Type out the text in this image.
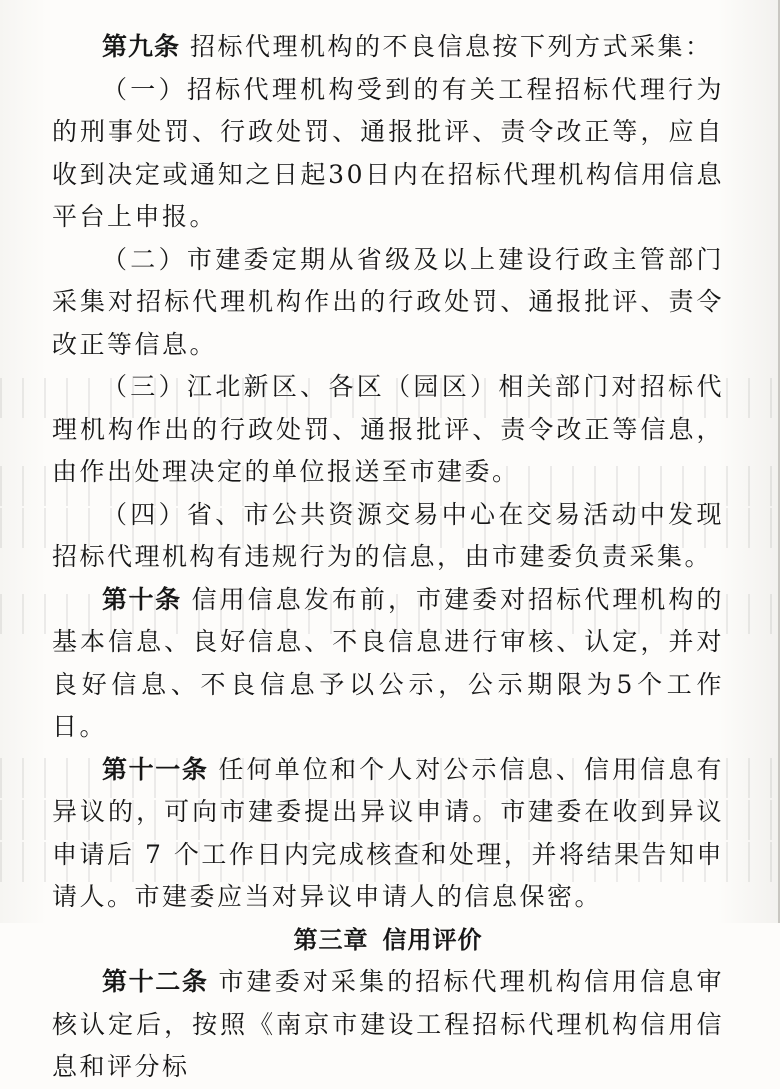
第九条 招标代理机构的不良信息按下列方式采集：

（一）招标代理机构受到的有关工程招标代理行为的刑事处罚、行政处罚、通报批评、责令改正等，应自收到决定或通知之日起30日内在招标代理机构信用信息平台上申报。

（二）市建委定期从省级及以上建设行政主管部门采集对招标代理机构作出的行政处罚、通报批评、责令改正等信息。

（三）江北新区、各区（园区）相关部门对招标代理机构作出的行政处罚、通报批评、责令改正等信息，由作出处理决定的单位报送至市建委。

（四）省、市公共资源交易中心在交易活动中发现招标代理机构有违规行为的信息，由市建委负责采集。

第十条 信用信息发布前，市建委对招标代理机构的基本信息、良好信息、不良信息进行审核、认定，并对良好信息、不良信息予以公示，公示期限为5个工作日。

第十一条 任何单位和个人对公示信息、信用信息有异议的，可向市建委提出异议申请。市建委在收到异议申请后 7 个工作日内完成核查和处理，并将结果告知申请人。市建委应当对异议申请人的信息保密。

第三章 信用评价

第十二条 市建委对采集的招标代理机构信用信息审核认定后，按照《南京市建设工程招标代理机构信用信息和评分标
